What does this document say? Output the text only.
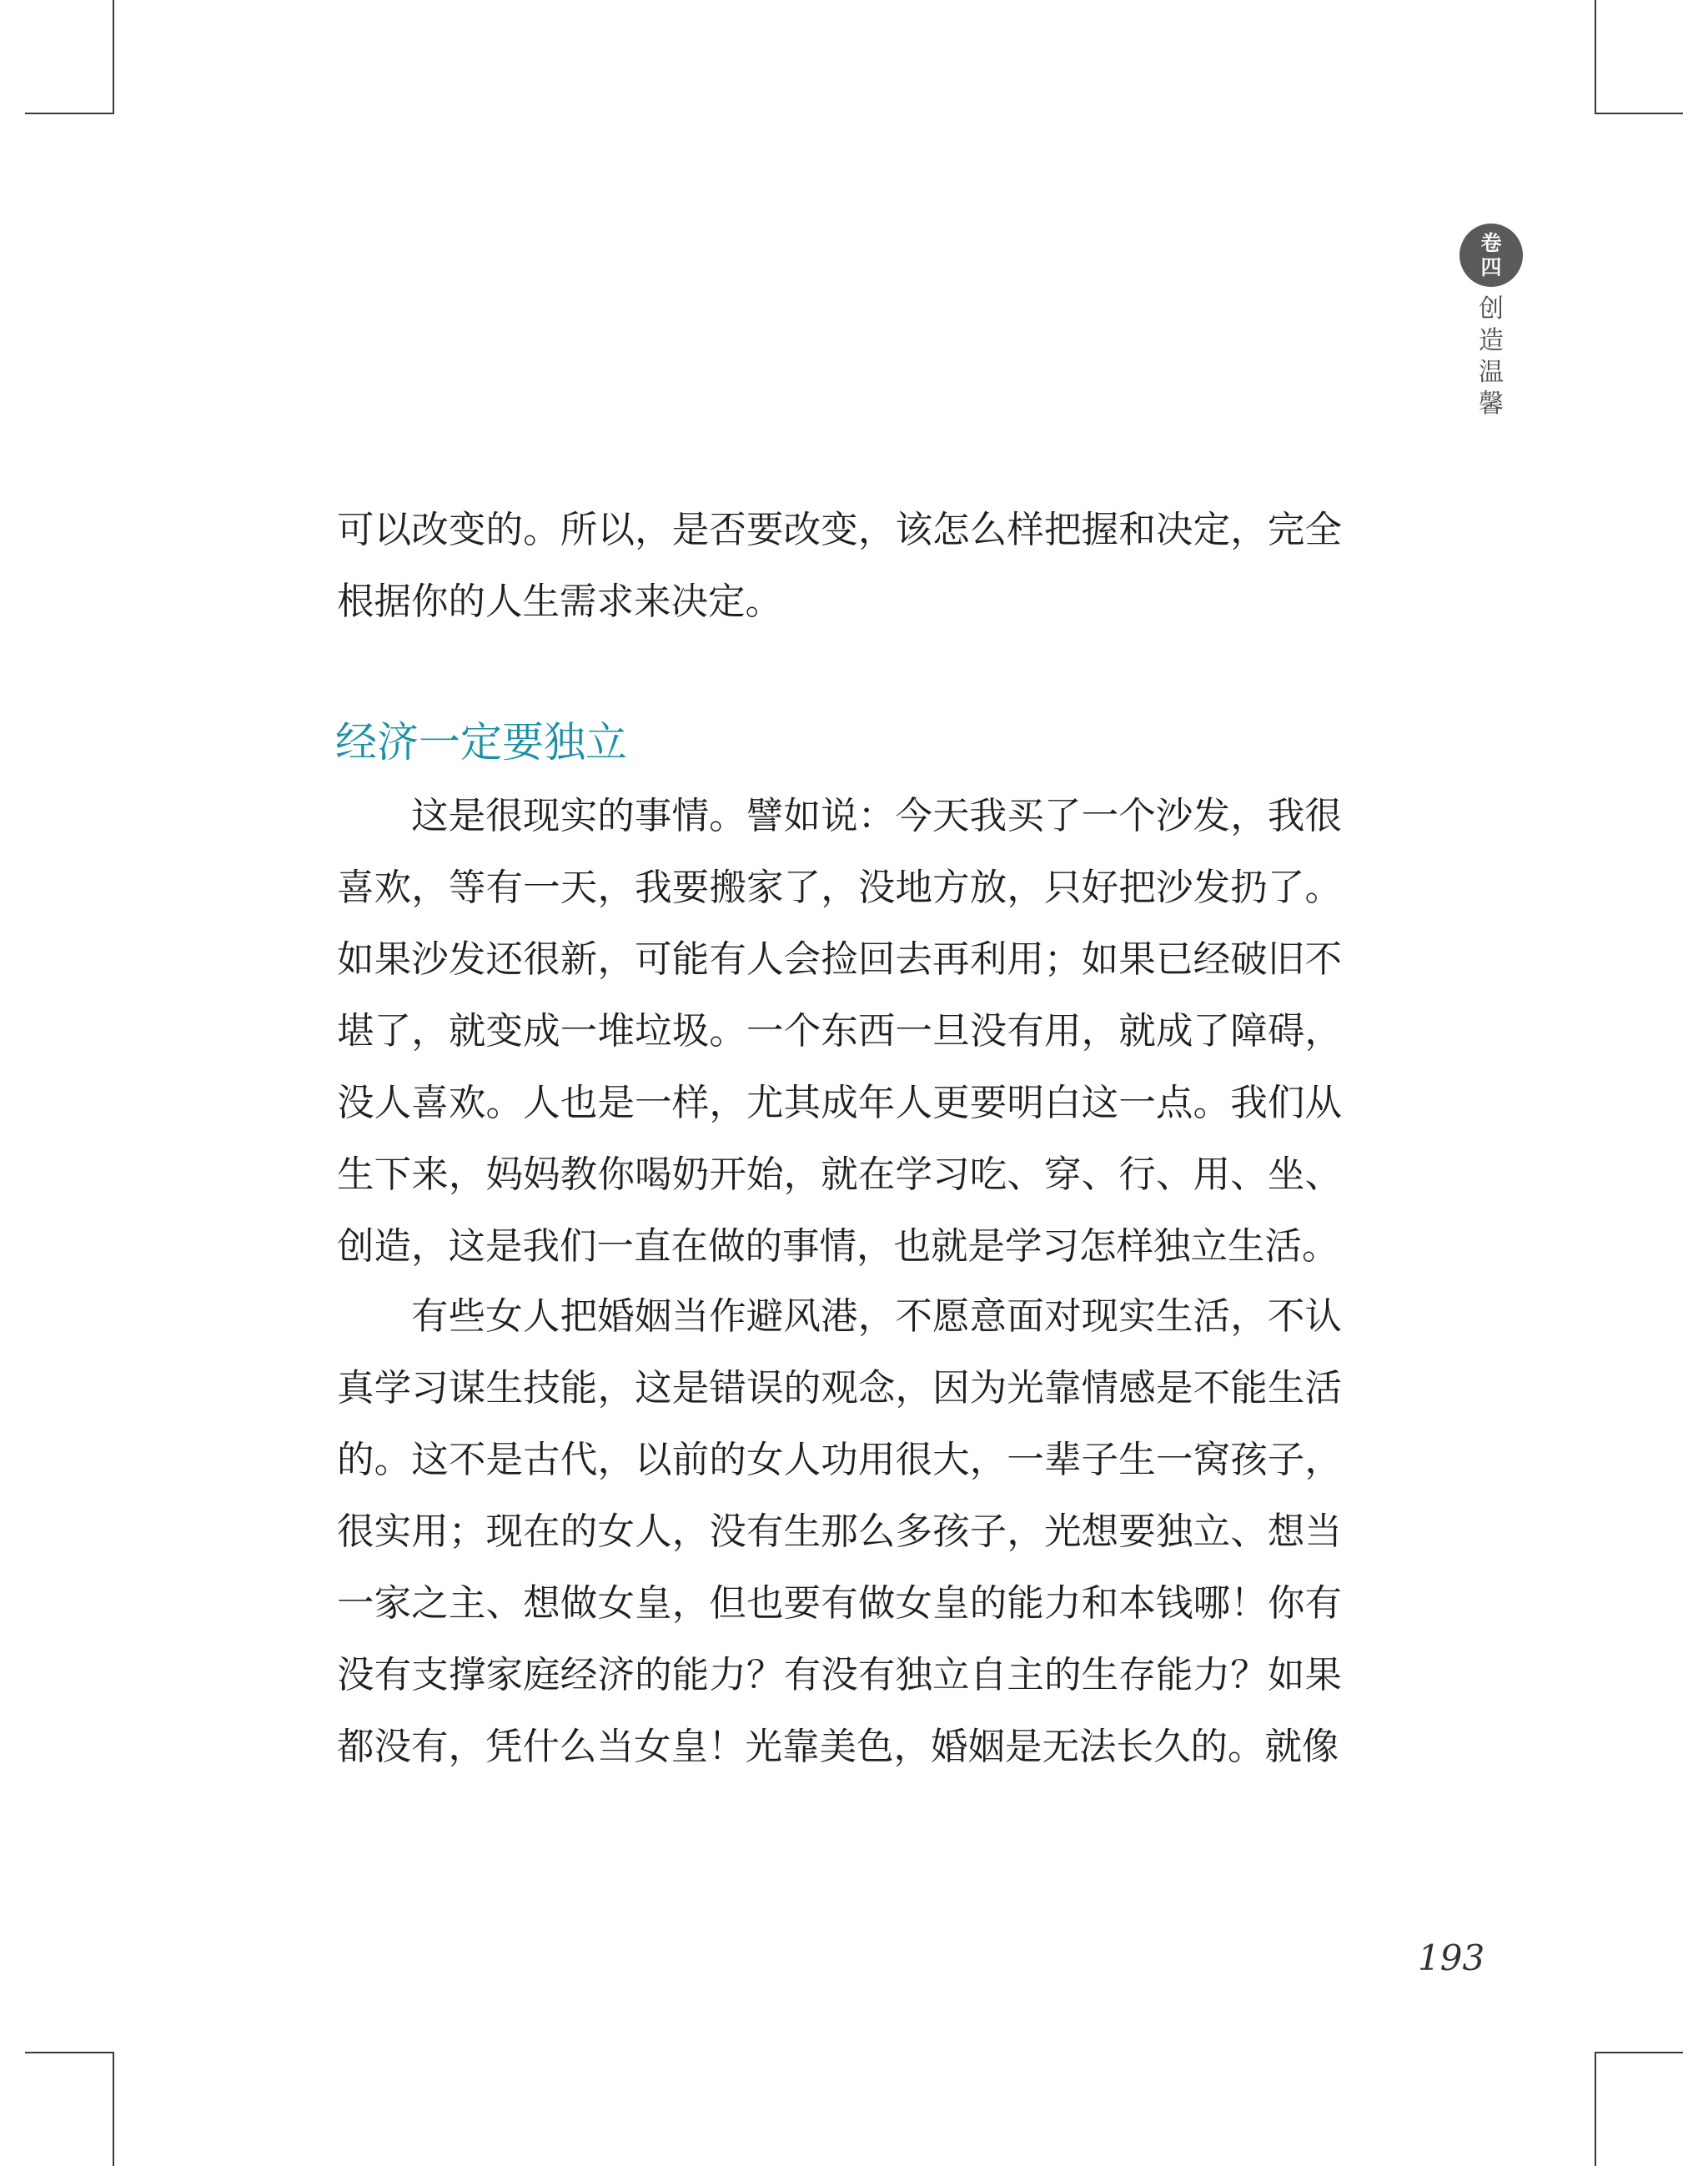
卷
四
创
造
温
馨

可以改变的。所以，是否要改变，该怎么样把握和决定，完全根据你的人生需求来决定。

经济一定要独立

这是很现实的事情。譬如说：今天我买了一个沙发，我很喜欢，等有一天，我要搬家了，没地方放，只好把沙发扔了。如果沙发还很新，可能有人会捡回去再利用；如果已经破旧不堪了，就变成一堆垃圾。一个东西一旦没有用，就成了障碍，没人喜欢。人也是一样，尤其成年人更要明白这一点。我们从生下来，妈妈教你喝奶开始，就在学习吃、穿、行、用、坐、创造，这是我们一直在做的事情，也就是学习怎样独立生活。

有些女人把婚姻当作避风港，不愿意面对现实生活，不认真学习谋生技能，这是错误的观念，因为光靠情感是不能生活的。这不是古代，以前的女人功用很大，一辈子生一窝孩子，很实用；现在的女人，没有生那么多孩子，光想要独立、想当一家之主、想做女皇，但也要有做女皇的能力和本钱哪！你有没有支撑家庭经济的能力？有没有独立自主的生存能力？如果都没有，凭什么当女皇！光靠美色，婚姻是无法长久的。就像

193
